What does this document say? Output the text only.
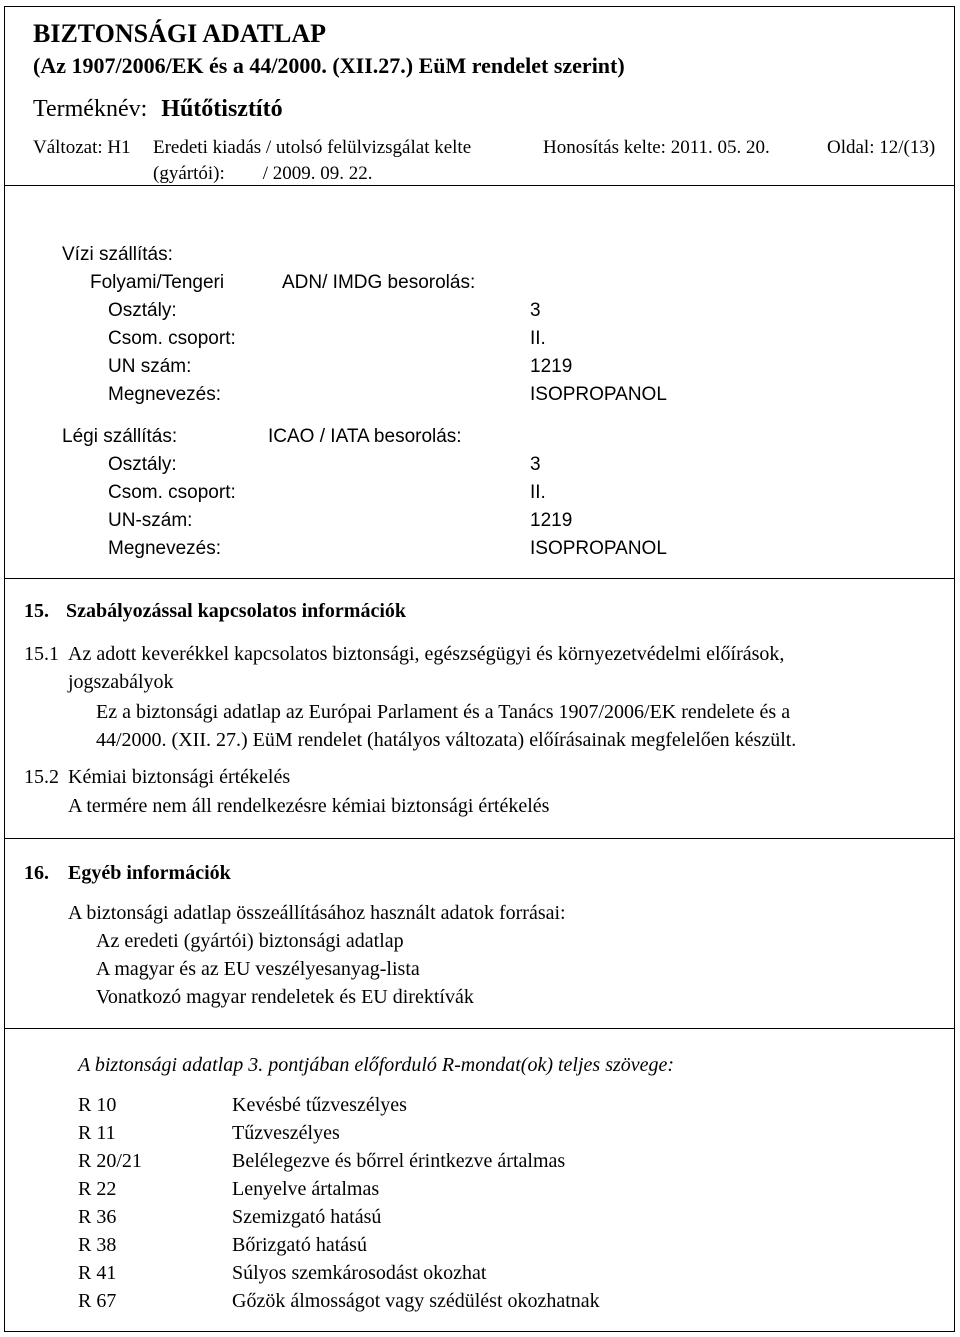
BIZTONSÁGI ADATLAP
(Az 1907/2006/EK és a 44/2000. (XII.27.) EüM rendelet szerint)
Terméknév: Hűtőtisztító
Változat: H1 Eredeti kiadás / utolsó felülvizsgálat kelte
(gyártói): / 2009. 09. 22.
Honosítás kelte: 2011. 05. 20.	Oldal: 12/(13)
Vízi szállítás:
Folyami/Tengeri	ADN/ IMDG besorolás:
Osztály:	3
Csom. csoport:	II.
UN szám:	1219
Megnevezés:	ISOPROPANOL
Légi szállítás:	ICAO / IATA besorolás:
Osztály:	3
Csom. csoport:	II.
UN-szám:	1219
Megnevezés:	ISOPROPANOL
15. Szabályozással kapcsolatos információk
15.1 Az adott keverékkel kapcsolatos biztonsági, egészségügyi és környezetvédelmi előírások,
jogszabályok
Ez a biztonsági adatlap az Európai Parlament és a Tanács 1907/2006/EK rendelete és a
44/2000. (XII. 27.) EüM rendelet (hatályos változata) előírásainak megfelelően készült.
15.2 Kémiai biztonsági értékelés
A termére nem áll rendelkezésre kémiai biztonsági értékelés
16. Egyéb információk
A biztonsági adatlap összeállításához használt adatok forrásai:
Az eredeti (gyártói) biztonsági adatlap
A magyar és az EU veszélyesanyag-lista
Vonatkozó magyar rendeletek és EU direktívák
A biztonsági adatlap 3. pontjában előforduló R-mondat(ok) teljes szövege:
R 10	Kevésbé tűzveszélyes
R 11	Tűzveszélyes
R 20/21	Belélegezve és bőrrel érintkezve ártalmas
R 22	Lenyelve ártalmas
R 36	Szemizgató hatású
R 38	Bőrizgató hatású
R 41	Súlyos szemkárosodást okozhat
R 67	Gőzök álmosságot vagy szédülést okozhatnak
